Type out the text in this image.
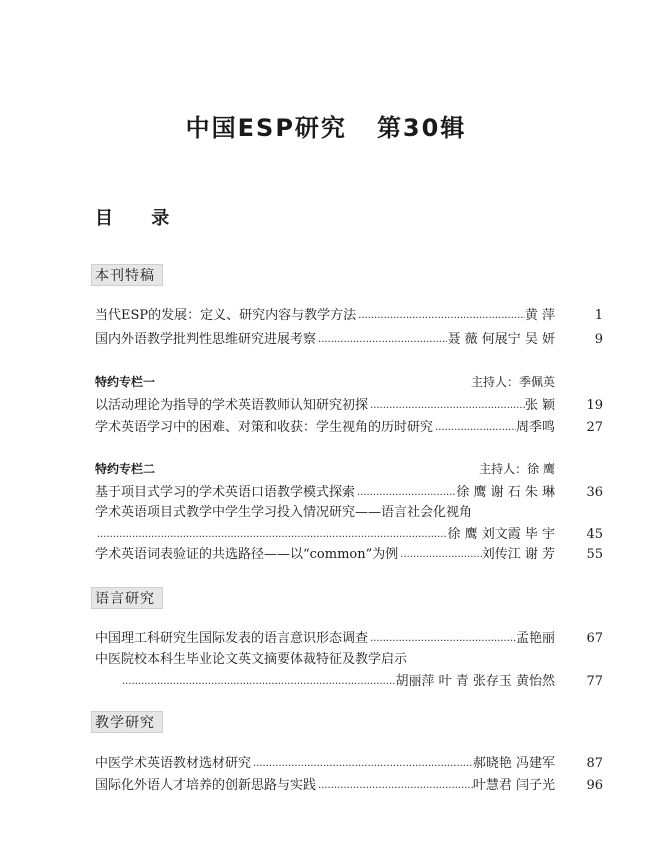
中国ESP研究 第30辑
目 录
本刊特稿
当代ESP的发展：定义、研究内容与教学方法 .....	黄 萍	1
国内外语教学批判性思维研究进展考察 .....	聂 薇 何展宁 吴 妍	9
特约专栏一	主持人：季佩英
以活动理论为指导的学术英语教师认知研究初探 .....	张 颖 19
学术英语学习中的困难、对策和收获：学生视角的历时研究 .....	周季鸣 27
特约专栏二	主持人：徐 鹰
基于项目式学习的学术英语口语教学模式探索 .....	徐 鹰 谢 石 朱 琳 36
学术英语项目式教学中学生学习投入情况研究——语言社会化视角
.....
徐 鹰 刘文霞 毕 宇 45
学术英语词表验证的共选路径——以“common”为例 .....	刘传江 谢 芳 55
语言研究
中国理工科研究生国际发表的语言意识形态调查 .....	孟艳丽 67
中医院校本科生毕业论文英文摘要体裁特征及教学启示
.....
胡丽萍 叶 青 张存玉 黄怡然 77
教学研究
中医学术英语教材选材研究 .....	郝晓艳 冯建军 87
国际化外语人才培养的创新思路与实践 .....	叶慧君 闫子光 96
